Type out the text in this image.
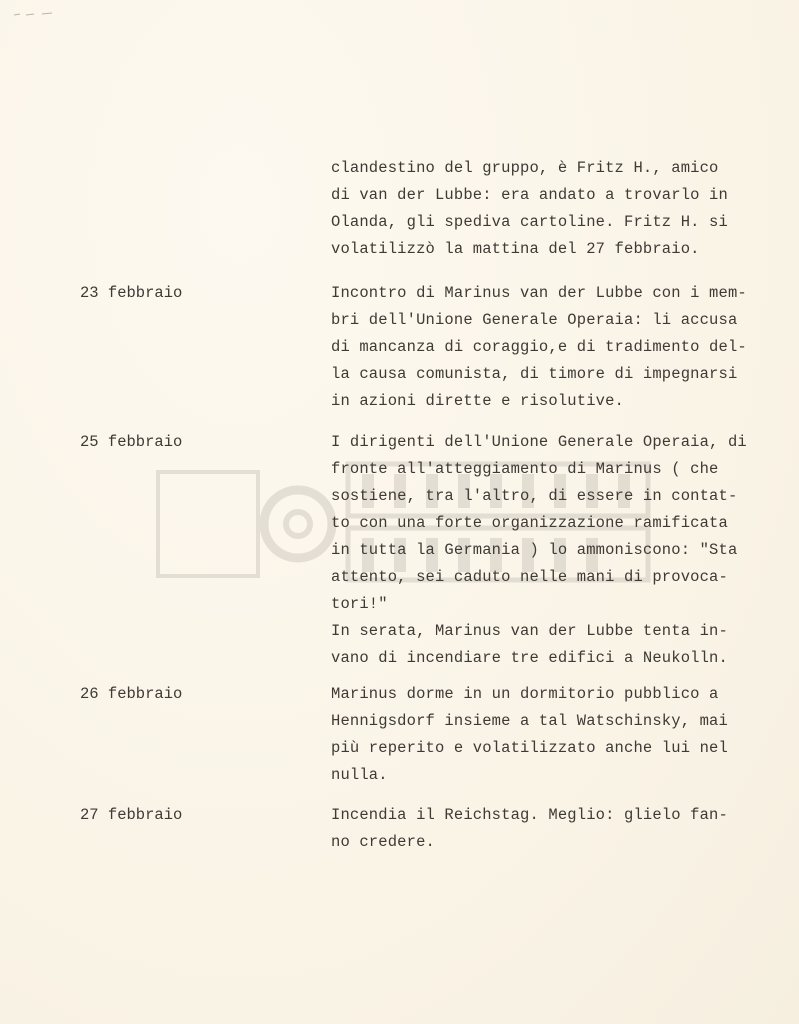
clandestino del gruppo, è Fritz H., amico
di van der Lubbe: era andato a trovarlo in
Olanda, gli spediva cartoline. Fritz H. si
volatilizzò la mattina del 27 febbraio.
23 febbraio	Incontro di Marinus van der Lubbe con i mem-
bri dell'Unione Generale Operaia: li accusa
di mancanza di coraggio,e di tradimento del-
la causa comunista, di timore di impegnarsi
in azioni dirette e risolutive.
25 febbraio	I dirigenti dell'Unione Generale Operaia, di
fronte all'atteggiamento di Marinus ( che
sostiene, tra l'altro, di essere in contat-
to con una forte organizzazione ramificata
in tutta la Germania ) lo ammoniscono: "Sta
attento, sei caduto nelle mani di provoca-
tori!"
In serata, Marinus van der Lubbe tenta in-
vano di incendiare tre edifici a Neukolln.
26 febbraio	Marinus dorme in un dormitorio pubblico a
Hennigsdorf insieme a tal Watschinsky, mai
più reperito e volatilizzato anche lui nel
nulla.
27 febbraio	Incendia il Reichstag. Meglio: glielo fan-
no credere.
